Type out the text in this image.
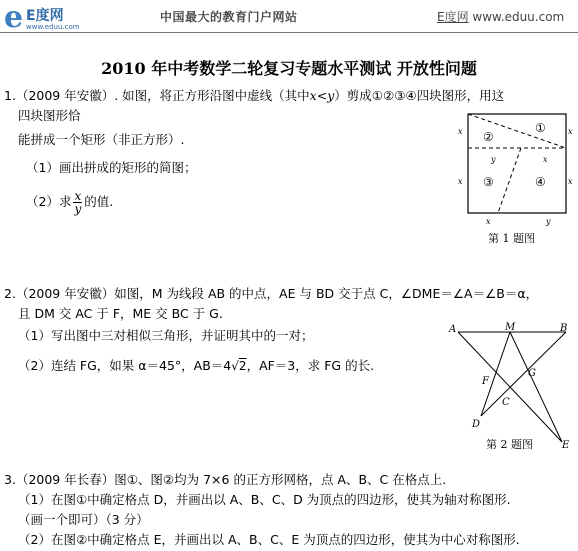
e E度网
www.eduu.com
中国最大的教育门户网站	E度网 www.eduu.com
2010 年中考数学二轮复习专题水平测试 开放性问题
1.（2009 年安徽）. 如图，将正方形沿图中虚线（其中x<y）剪成①②③④四块图形，用这
四块图形恰
能拼成一个矩形（非正方形）.
（1）画出拼成的矩形的简图；
（2）求 $\frac{x}{y}$ 的值.
①
②
③	④
x
y	x
y
x
x
x
x
第 1 题图
2.（2009 年安徽）如图，M 为线段 AB 的中点，AE 与 BD 交于点 C，∠DME＝∠A＝∠B＝α，
且 DM 交 AC 于 F，ME 交 BC 于 G.
（1）写出图中三对相似三角形，并证明其中的一对；
（2）连结 FG，如果 α＝45°，AB＝4√2，AF＝3，求 FG 的长.
A	M	B
F
G
C
D
E
第 2 题图
3.（2009 年长春）图①、图②均为 7×6 的正方形网格，点 A、B、C 在格点上.
（1）在图①中确定格点 D，并画出以 A、B、C、D 为顶点的四边形，使其为轴对称图形.
（画一个即可）（3 分）
（2）在图②中确定格点 E，并画出以 A、B、C、E 为顶点的四边形，使其为中心对称图形.
